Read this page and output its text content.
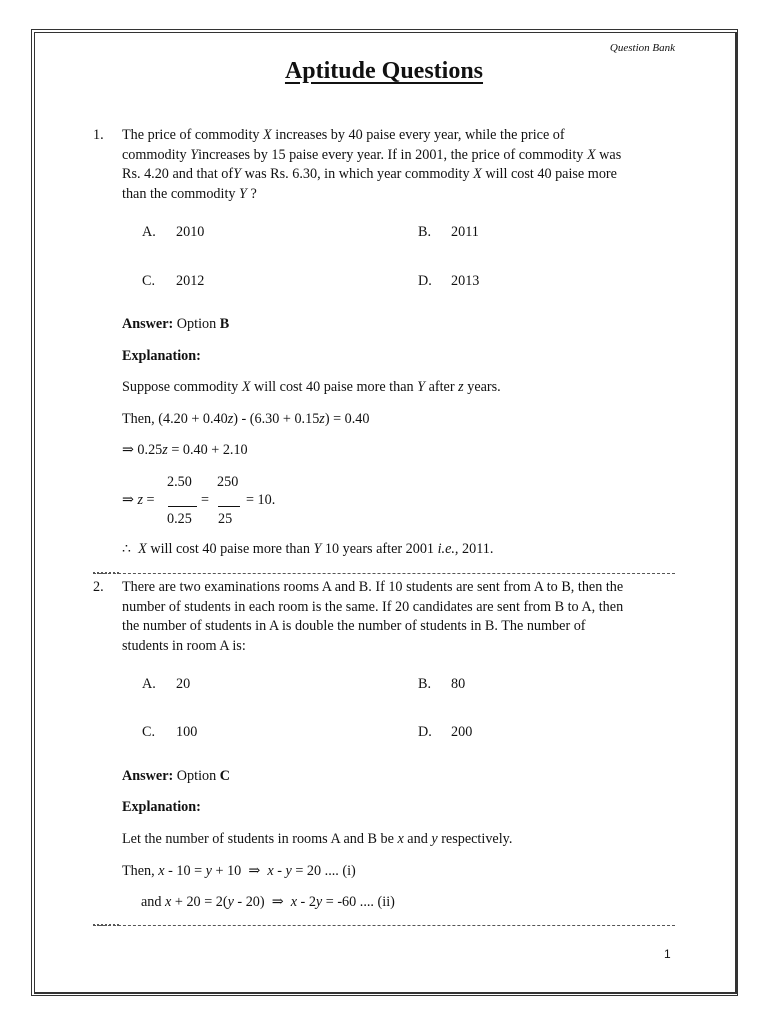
Question Bank
Aptitude Questions
1. The price of commodity X increases by 40 paise every year, while the price of
commodity Yincreases by 15 paise every year. If in 2001, the price of commodity X was
Rs. 4.20 and that ofY was Rs. 6.30, in which year commodity X will cost 40 paise more
than the commodity Y ?
A. 2010	B. 2011
C. 2012	D. 2013
Answer: Option B
Explanation:
Suppose commodity X will cost 40 paise more than Y after z years.
Then, (4.20 + 0.40z) - (6.30 + 0.15z) = 0.40
⇒ 0.25z = 0.40 + 2.10
⇒ z =
2.50
0.25
=
250
25
= 10.
∴ X will cost 40 paise more than Y 10 years after 2001 i.e., 2011.
2. There are two examinations rooms A and B. If 10 students are sent from A to B, then the
number of students in each room is the same. If 20 candidates are sent from B to A, then
the number of students in A is double the number of students in B. The number of
students in room A is:
A. 20	B. 80
C. 100	D. 200
Answer: Option C
Explanation:
Let the number of students in rooms A and B be x and y respectively.
Then, x - 10 = y + 10  ⇒ x - y = 20 .... (i)
and x + 20 = 2(y - 20)  ⇒ x - 2y = -60 .... (ii)
1
